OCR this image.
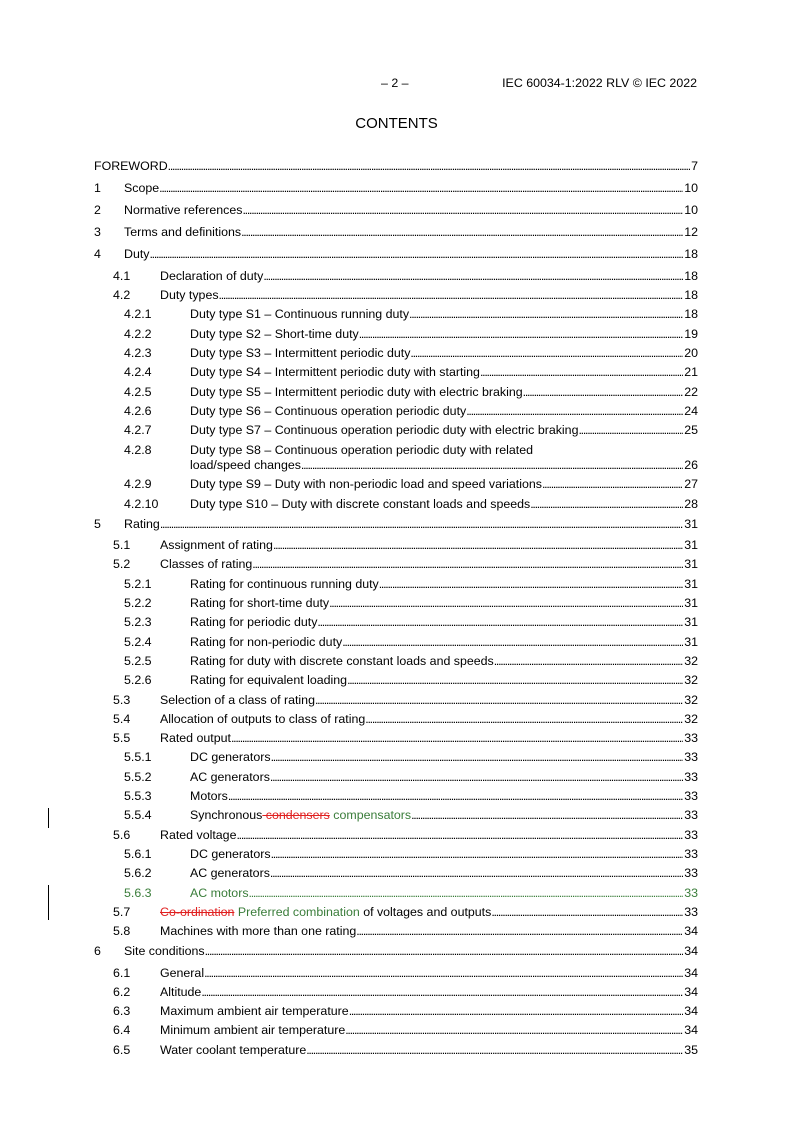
– 2 –	IEC 60034-1:2022 RLV © IEC 2022
CONTENTS
FOREWORD . . .	7
1 Scope . . .	10
2 Normative references . . .	10
3 Terms and definitions . . .	12
4 Duty . . .	18
4.1 Declaration of duty . . .	18
4.2 Duty types . . .	18
4.2.1	Duty type S1 – Continuous running duty . . .	18
4.2.2	Duty type S2 – Short-time duty . . .	19
4.2.3	Duty type S3 – Intermittent periodic duty . . .	20
4.2.4	Duty type S4 – Intermittent periodic duty with starting . . .	21
4.2.5	Duty type S5 – Intermittent periodic duty with electric braking . . .	22
4.2.6	Duty type S6 – Continuous operation periodic duty . . .	24
4.2.7	Duty type S7 – Continuous operation periodic duty with electric braking . . .	25
4.2.8	Duty type S8 – Continuous operation periodic duty with related
load/speed changes . . .	26
4.2.9	Duty type S9 – Duty with non-periodic load and speed variations . . .	27
4.2.10	Duty type S10 – Duty with discrete constant loads and speeds . . .	28
5 Rating . . .	31
5.1 Assignment of rating . . .	31
5.2 Classes of rating . . .	31
5.2.1	Rating for continuous running duty . . .	31
5.2.2	Rating for short-time duty . . .	31
5.2.3	Rating for periodic duty . . .	31
5.2.4	Rating for non-periodic duty . . .	31
5.2.5	Rating for duty with discrete constant loads and speeds . . .	32
5.2.6	Rating for equivalent loading . . .	32
5.3 Selection of a class of rating . . .	32
5.4 Allocation of outputs to class of rating . . .	32
5.5 Rated output . . .	33
5.5.1	DC generators . . .	33
5.5.2	AC generators . . .	33
5.5.3	Motors . . .	33
5.5.4	Synchronous condensers compensators . . .	33
5.6 Rated voltage . . .	33
5.6.1	DC generators . . .	33
5.6.2	AC generators . . .	33
5.6.3	AC motors . . .	33
5.7 Co-ordination Preferred combination of voltages and outputs . . .	33
5.8 Machines with more than one rating . . .	34
6 Site conditions . . .	34
6.1 General . . .	34
6.2 Altitude . . .	34
6.3 Maximum ambient air temperature . . .	34
6.4 Minimum ambient air temperature . . .	34
6.5 Water coolant temperature . . .	35
